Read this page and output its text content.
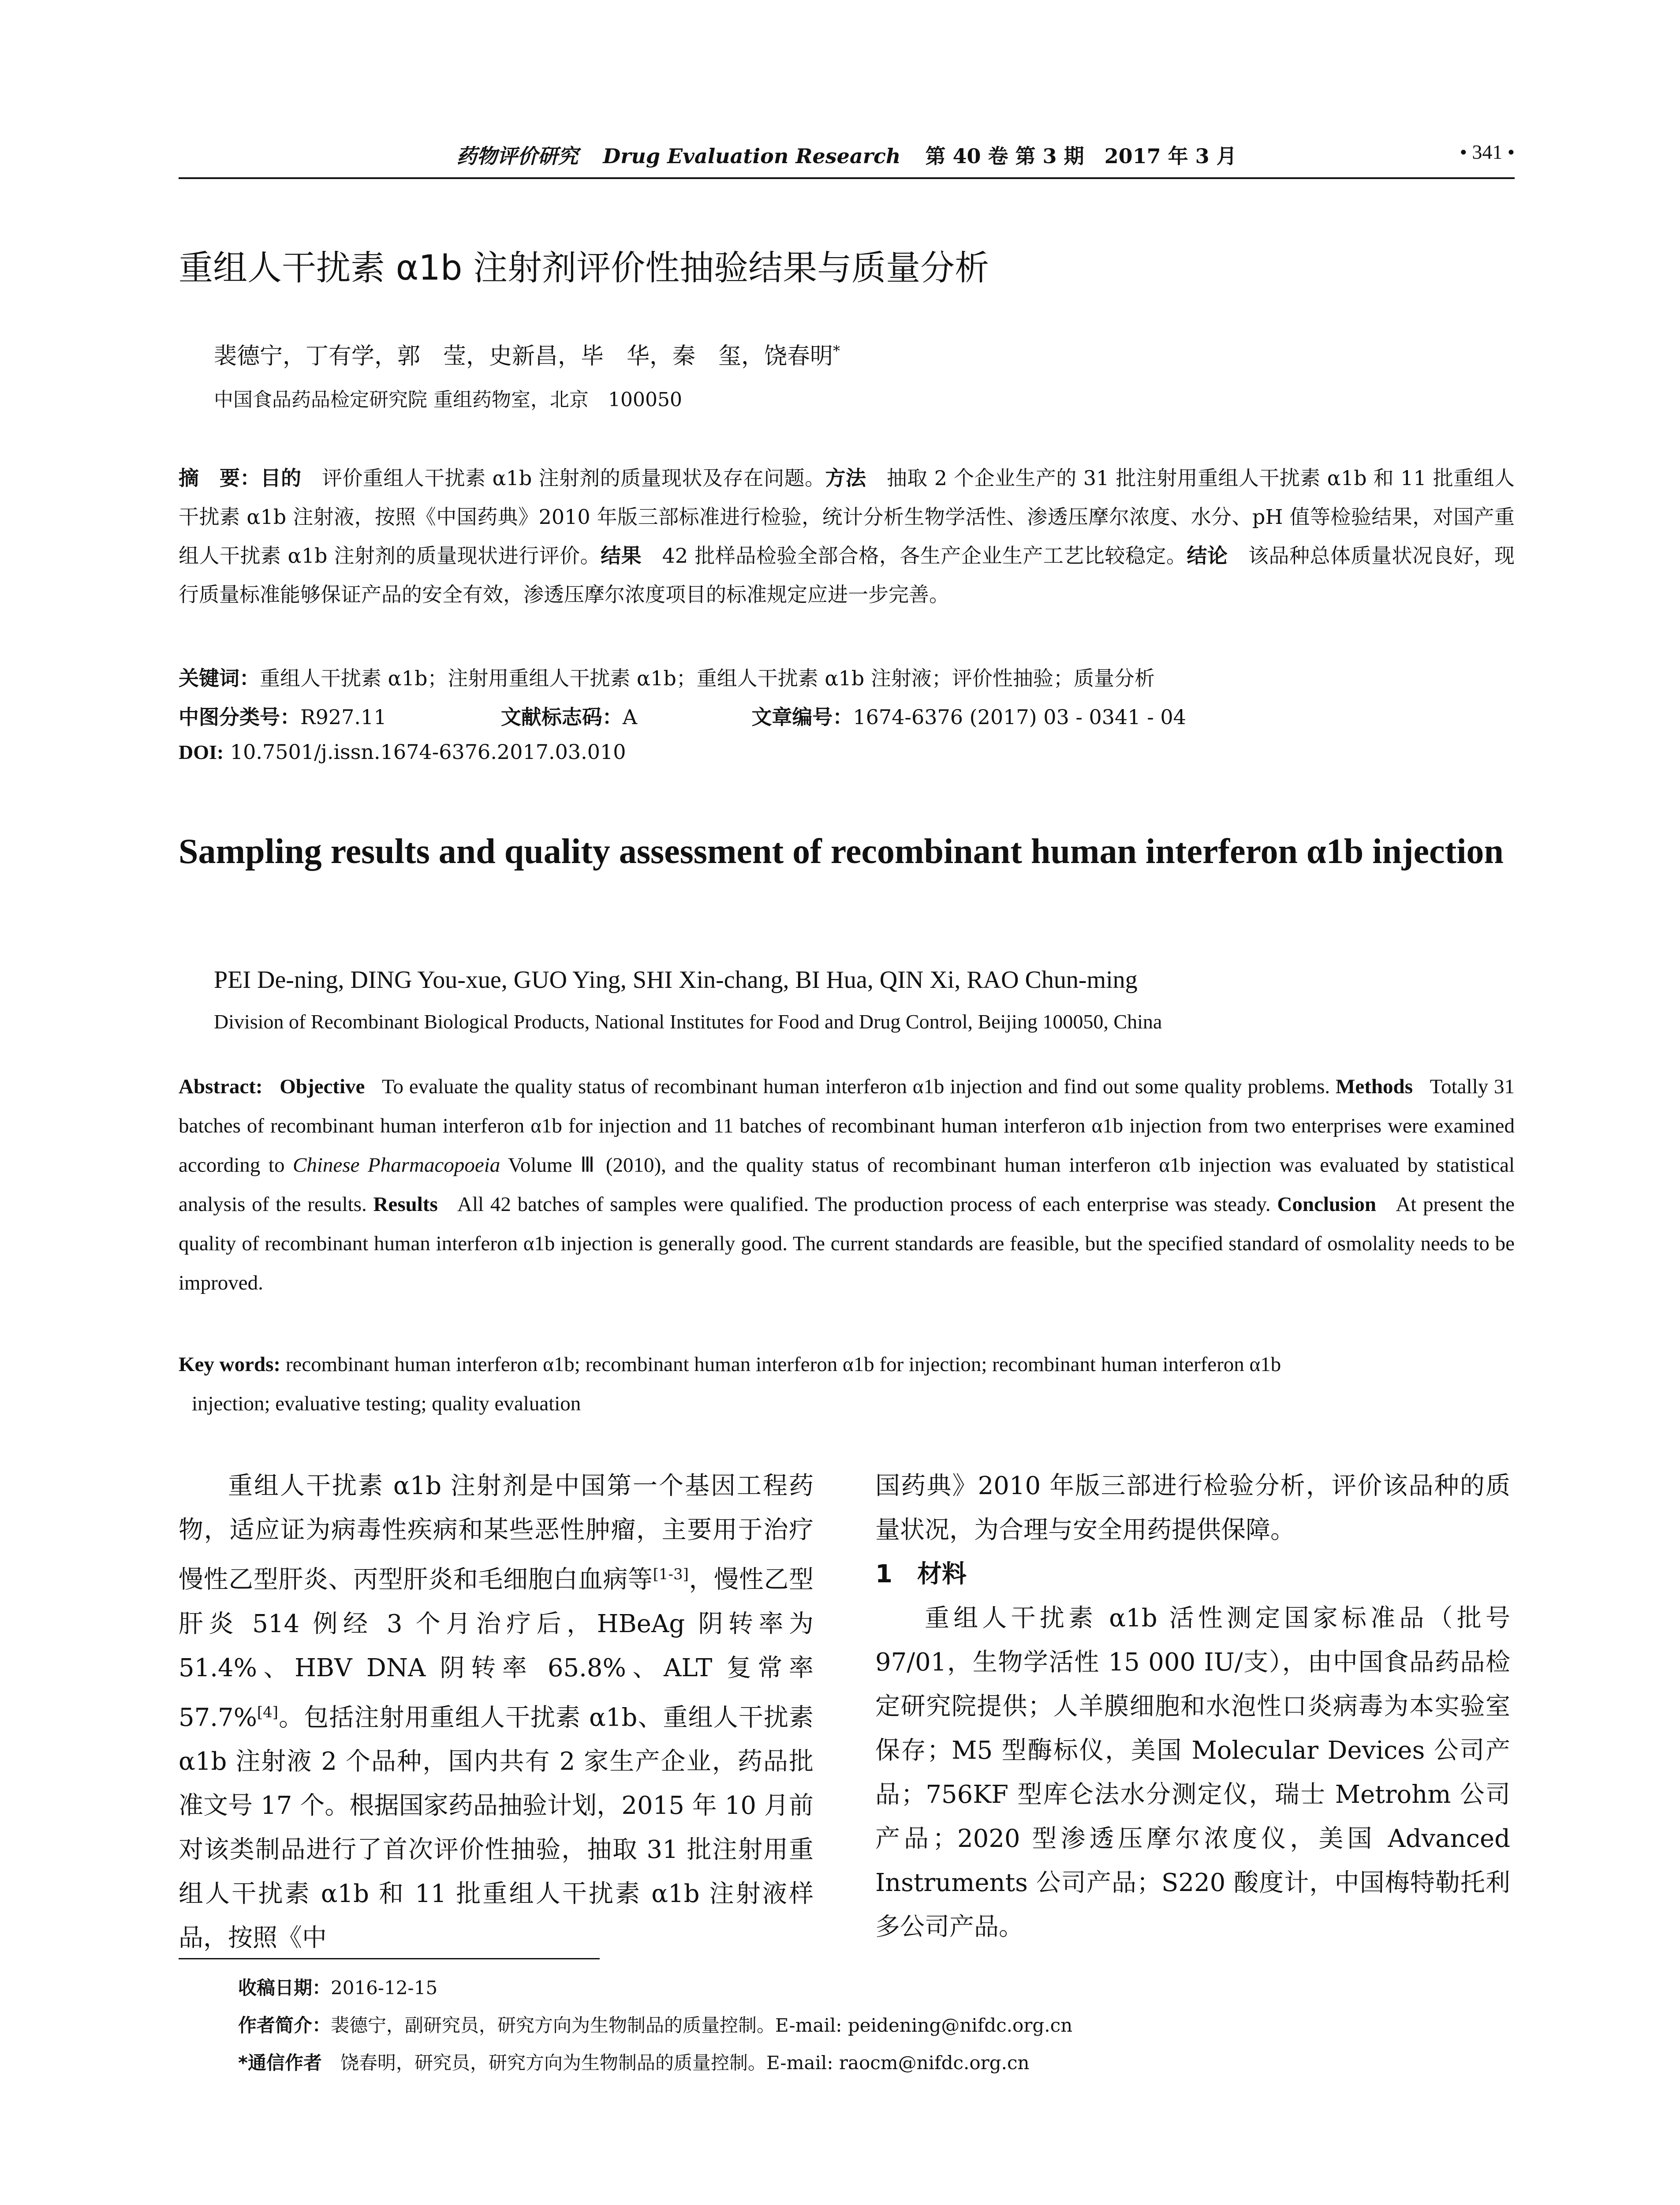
药物评价研究 Drug Evaluation Research 第 40 卷 第 3 期　2017 年 3 月	• 341 •
重组人干扰素 α1b 注射剂评价性抽验结果与质量分析
裴德宁，丁有学，郭　莹，史新昌，毕　华，秦　玺，饶春明*
中国食品药品检定研究院 重组药物室，北京　100050
摘　要：目的　 评价重组人干扰素 α1b 注射剂的质量现状及存在问题。方法　 抽取 2 个企业生产的 31 批注射用重组人干扰素 α1b 和 11 批重组人干扰素 α1b 注射液，按照《中国药典》2010 年版三部标准进行检验，统计分析生物学活性、渗透压摩尔浓度、水分、pH 值等检验结果，对国产重组人干扰素 α1b 注射剂的质量现状进行评价。结果　 42 批样品检验全部合格，各生产企业生产工艺比较稳定。结论　 该品种总体质量状况良好，现行质量标准能够保证产品的安全有效，渗透压摩尔浓度项目的标准规定应进一步完善。
关键词：重组人干扰素 α1b；注射用重组人干扰素 α1b；重组人干扰素 α1b 注射液；评价性抽验；质量分析
中图分类号：R927.11	文献标志码：A	文章编号：1674-6376 (2017) 03 - 0341 - 04
DOI: 10.7501/j.issn.1674-6376.2017.03.010
Sampling results and quality assessment of recombinant human interferon α1b injection
PEI De-ning, DING You-xue, GUO Ying, SHI Xin-chang, BI Hua, QIN Xi, RAO Chun-ming
Division of Recombinant Biological Products, National Institutes for Food and Drug Control, Beijing 100050, China
Abstract: Objective To evaluate the quality status of recombinant human interferon α1b injection and find out some quality problems. Methods Totally 31 batches of recombinant human interferon α1b for injection and 11 batches of recombinant human interferon α1b injection from two enterprises were examined according to Chinese Pharmacopoeia Volume Ⅲ (2010), and the quality status of recombinant human interferon α1b injection was evaluated by statistical analysis of the results. Results All 42 batches of samples were qualified. The production process of each enterprise was steady. Conclusion At present the quality of recombinant human interferon α1b injection is generally good. The current standards are feasible, but the specified standard of osmolality needs to be improved.
Key words: recombinant human interferon α1b; recombinant human interferon α1b for injection; recombinant human interferon α1b
injection; evaluative testing; quality evaluation
重组人干扰素 α1b 注射剂是中国第一个基因工程药物，适应证为病毒性疾病和某些恶性肿瘤，主要用于治疗慢性乙型肝炎、丙型肝炎和毛细胞白血病等[1-3]，慢性乙型肝炎 514 例经 3 个月治疗后，HBeAg 阴转率为 51.4%、HBV DNA 阴转率 65.8%、ALT 复常率 57.7%[4]。包括注射用重组人干扰素 α1b、重组人干扰素 α1b 注射液 2 个品种，国内共有 2 家生产企业，药品批准文号 17 个。根据国家药品抽验计划，2015 年 10 月前对该类制品进行了首次评价性抽验，抽取 31 批注射用重组人干扰素 α1b 和 11 批重组人干扰素 α1b 注射液样品，按照《中
国药典》2010 年版三部进行检验分析，评价该品种的质量状况，为合理与安全用药提供保障。
1　材料
重组人干扰素 α1b 活性测定国家标准品（批号 97/01，生物学活性 15 000 IU/支），由中国食品药品检定研究院提供；人羊膜细胞和水泡性口炎病毒为本实验室保存；M5 型酶标仪，美国 Molecular Devices 公司产品；756KF 型库仑法水分测定仪，瑞士 Metrohm 公司产品；2020 型渗透压摩尔浓度仪，美国 Advanced Instruments 公司产品；S220 酸度计，中国梅特勒托利多公司产品。
收稿日期：2016-12-15
作者简介：裴德宁，副研究员，研究方向为生物制品的质量控制。E-mail: peidening@nifdc.org.cn
*通信作者　 饶春明，研究员，研究方向为生物制品的质量控制。E-mail: raocm@nifdc.org.cn
